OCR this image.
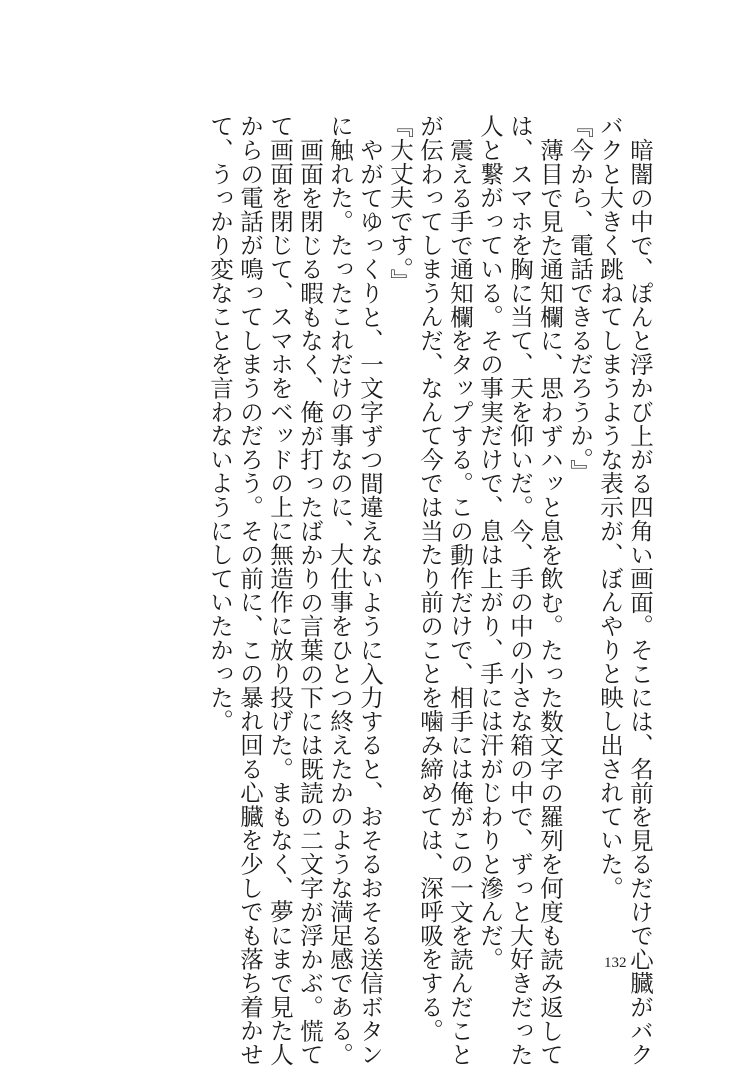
暗闇の中で、ぽんと浮かび上がる四角い画面。そこには、名前を見るだけで心臓がバク

バクと大きく跳ねてしまうような表示が、ぼんやりと映し出されていた。

『今から、電話できるだろうか。』

薄目で見た通知欄に、思わずハッと息を飲む。たった数文字の羅列を何度も読み返して

は、スマホを胸に当て、天を仰いだ。今、手の中の小さな箱の中で、ずっと大好きだった

人と繋がっている。その事実だけで、息は上がり、手には汗がじわりと滲んだ。

震える手で通知欄をタップする。この動作だけで、相手には俺がこの一文を読んだこと

が伝わってしまうんだ、なんて今では当たり前のことを噛み締めては、深呼吸をする。

『大丈夫です。』

やがてゆっくりと、一文字ずつ間違えないように入力すると、おそるおそる送信ボタン

に触れた。たったこれだけの事なのに、大仕事をひとつ終えたかのような満足感である。

画面を閉じる暇もなく、俺が打ったばかりの言葉の下には既読の二文字が浮かぶ。慌て

て画面を閉じて、スマホをベッドの上に無造作に放り投げた。まもなく、夢にまで見た人

からの電話が鳴ってしまうのだろう。その前に、この暴れ回る心臓を少しでも落ち着かせ

て、うっかり変なことを言わないようにしていたかった。

132
